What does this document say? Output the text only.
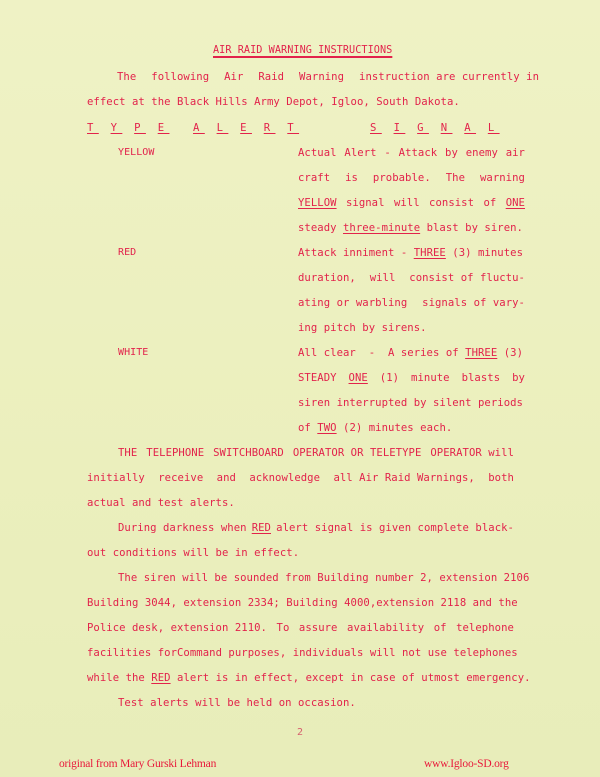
AIR RAID WARNING INSTRUCTIONS
The following Air Raid Warning instruction are currently in
effect at the Black Hills Army Depot, Igloo, South Dakota.
T Y P E A L E R T	S I G N A L
YELLOW	Actual Alert - Attack by enemy air
craft is probable. The warning
YELLOW signal will consist of ONE
steady three-minute blast by siren.
RED	Attack inniment - THREE (3) minutes
duration, will consist of fluctu-
ating or warbling signals of vary-
ing pitch by sirens.
WHITE	All clear  -  A series of THREE (3)
STEADY ONE (1) minute blasts by
siren interrupted by silent periods
of TWO (2) minutes each.
THE TELEPHONE SWITCHBOARD OPERATOR OR TELETYPE OPERATOR will
initially receive and acknowledge all Air Raid Warnings, both
actual and test alerts.
During darkness when RED alert signal is given complete black-
out conditions will be in effect.
The siren will be sounded from Building number 2, extension 2106
Building 3044, extension 2334; Building 4000, extension 2118 and the
Police desk, extension 2110. To assure availability of telephone
facilities for Command purposes, individuals will not use telephones
while the RED alert is in effect, except in case of utmost emergency.
Test alerts will be held on occasion.
2
original from Mary Gurski Lehman	www.Igloo-SD.org
